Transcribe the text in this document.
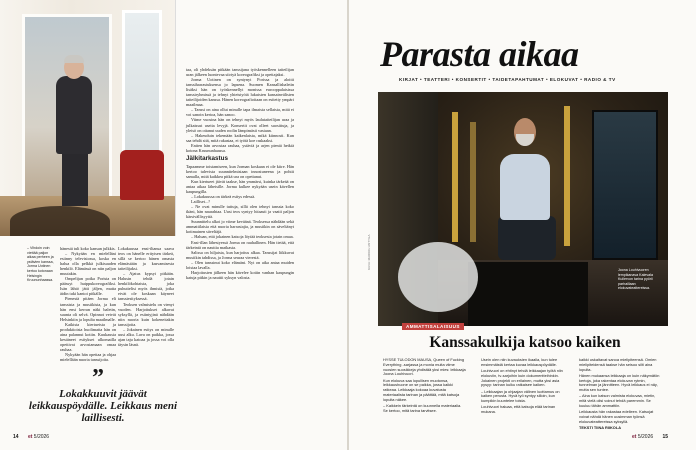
– Vihdoin voin viettää paljon aikaa perheen ja ystävien kanssa, Jorma Uotinen kertoo kotonaan Helsingin Kruununhaassa.

hänestä tuli koko kansan julkkis.

– Nykyään en mielelläni esiinny televisiossa, koska en halua olla pelkkä julkisuuden henkilö. Elämässä on niin paljon muutakin.

Ompelijan poika Porista on päässyt huippukoreografiksi. Isän lähtö jätti jäljen, mutta äidin tuki kantoi pitkälle.

Pienestä pitäen Jorma eli tanssista ja musiikista, ja kun hän ensi kerran näki baletin, suunta oli selvä. Opinnot veivät Helsinkiin ja lopulta maailmalle.

Kaikista kiertueista ja produktioista huolimatta hän on aina palannut kotiin. Kuukausia kestäneet esitykset ulkomailla opettivat arvostamaan omaa rauhaa.

Nykyään hän opettaa ja ohjaa mielellään nuoria tanssijoita.

Lokakuussa ensi-iltansa saava teos on hänelle erityisen tärkeä, sillä se kertoo hänen omasta elämästään ja kasvamisesta taiteilijaksi.

– Ajatus kypsyi pitkään. Halusin tehdä jotain henkilökohtaista, joka puhuttelisi myös ihmisiä, jotka eivät ole koskaan käyneet tanssiesityksessä.

Teoksen valmistelu on vienyt vuoden. Harjoitukset alkavat syksyllä, ja esiintyjinä nähdään niin nuoria kuin kokeneitakin tanssijoita.

– Jokainen esitys on minulle uusi alku. Lava on paikka, jossa ajan taju katoaa ja jossa voi olla täysin läsnä.

taa, oli yhdeksän pitkään tanssijana työskennelleen taiteilijan uran jälkeen luontevaa siirtyä koreografiksi ja opettajaksi.

Jorma Uotinen on syntynyt Porissa ja aloitti tanssiharrastuksensa jo lapsena. Suomen Kansallisbaletin lisäksi hän on työskennellyt monissa eurooppalaisissa tanssiryhmissä ja tehnyt yhteistyötä lukuisten kansainvälisten taiteilijoiden kanssa. Hänen koreografioitaan on esitetty ympäri maailmaa.

– Tanssi on aina ollut minulle tapa ilmaista sellaista, mitä ei voi sanoin kertoa, hän sanoo.

Viime vuosina hän on tehnyt myös laulutaiteilijan uraa ja julkaissut useita levyjä. Konsertit ovat olleet suosittuja, ja yleisö on ottanut uuden roolin lämpimästi vastaan.

– Hakeuduin tekemään kaikenlaista, mikä kiinnosti. Kun saa tehdä sitä, mitä rakastaa, ei työtä koe raskaaksi.

Eniten hän arvostaa rauhaa, ystäviä ja arjen pieniä hetkiä kotona Kruununhaassa.

Jälkitarkastus

Tapaamme toistamiseen, kun Jorman koskaan ei ole kiire. Hän kertoo tulevista suunnitelmistaan innostuneena ja pohtii samalla, mitä kaikkea pitkä ura on opettanut.

Kun kiertueet jäivät taakse, hän ymmärsi, kuinka tärkeää on antaa aikaa läheisille. Jorma kulkee nykyään usein kävellen kaupungilla.

– Lokakuussa on tärkeä esitys edessä.

Lailliset...?

– Ne ovat minulle tuttuja, sillä olen tehnyt tanssia koko ikäni, hän naurahtaa. Uusi teos syntyy hitaasti ja vaatii paljon kärsivällisyyttä.

Suunnittelu alkoi jo viime keväänä. Teoksessa nähdään sekä ammattilaisia että nuoria harrastajia, ja musiikin on säveltänyt kotimainen säveltäjä.

– Haluan, että jokainen katsoja löytää teoksesta jotain omaa.

Ensi-illan lähestyessä Jorma on rauhallinen. Hän tietää, että tärkeintä on nauttia matkasta.

Salissa on hiljaista, kun harjoitus alkaa. Tanssijat liikkuvat musiikin tahdissa, ja Jorma seuraa vierestä.

– Olen tanssinut koko elämäni. Nyt on aika antaa muiden loistaa lavalla.

Harjoitusten jälkeen hän kävelee kotiin vanhan kaupungin katuja pitkin ja nauttii syksyn valosta.

”
Lokakkuuvit jäävät leikkauspöydälle. Leikkaus meni laillisesti.
14 et 5/2026
Parasta aikaa
KIRJAT • TEATTERI • KONSERTIT • TAIDETAPAHTUMAT • ELOKUVAT • RADIO & TV
Joona Louhivuoren lempikanava Kalevala Kullervon tarina pyörii parhaillaan elokuvateattereissa.
KUVA: MARKKU ANTTILA
AMMATTISALAISUUS
Kanssakulkija katsoo kaiken

HYSSE TULODON MAUSA, Queen of Fucking Everything -sarjassa ja monia muita viime vuosien suosikkeja yhdistää yksi mies: leikkaaja Joona Louhivuori.

Kun elokuva saa lopullisen muotonsa, leikkaushuone on se paikka, jossa kaikki ratkeaa. Leikkaaja kokoaa kuvatusta materiaalista tarinan ja päättää, mitä katsoja lopulta näkee.

– Kaikkein tärkeintä on kuunnella materiaalia. Se kertoo, mitä tarina tarvitsee.

Usein olen niin kuvauksien ikaalla, kun tulee ensimmäistä kertaa kuvaa leikkauspöydälle.

Louhivuori on ehtinyt tehdä leikkaajan työtä niin elokuviin, tv-sarjoihin kuin dokumentteihinkin. Jokainen projekti on erilainen, mutta yksi asia pysyy: tarinan kulku ratkaisee kaiken.

– Leikkaajan ja ohjaajan välinen luottamus on kaiken perusta. Hyvä työ syntyy silloin, kun kumpikin kuuntelee toista.

Louhivuori haluaa, että katsoja elää tarinan mukana.

kaikki uskaltavat sanoa mielipiteensä. Omien mielipiteidensä taakse hän seisoo silti aina lopulta.

Hänen mukaansa leikkaaja on kuin näkymätön kertoja, joka rakentaa elokuvan rytmin, tunnelman ja jännitteen. Hyvä leikkaus ei näy, mutta sen tuntee.

– Aina kun katson valmista elokuvaa, mietin, mitä vielä olisi voinut tehdä paremmin. Se kuuluu tähän ammattiin.

Leikkausta hän rakastaa edelleen. Katsojat voivat nähdä hänen uusimman työnsä elokuvateattereissa syksyllä.

TEKSTI TIINA RIIKOLA

et 5/2026 15
